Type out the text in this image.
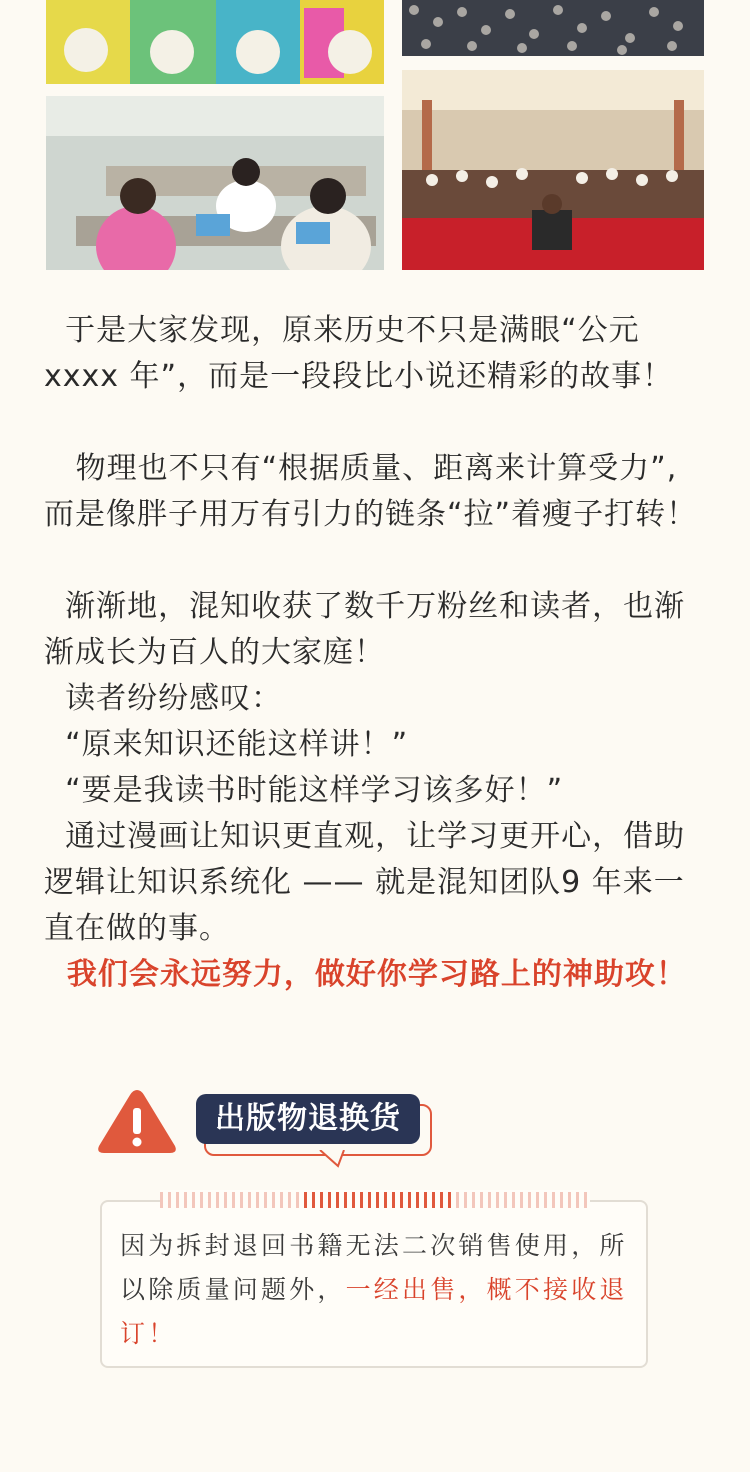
于是大家发现，原来历史不只是满眼“公元 xxxx 年”，而是一段段比小说还精彩的故事！

物理也不只有“根据质量、距离来计算受力”,而是像胖子用万有引力的链条“拉”着瘦子打转！

渐渐地，混知收获了数千万粉丝和读者，也渐渐成长为百人的大家庭！

读者纷纷感叹：

“原来知识还能这样讲！”

“要是我读书时能这样学习该多好！”

通过漫画让知识更直观，让学习更开心，借助逻辑让知识系统化 —— 就是混知团队9 年来一直在做的事。

我们会永远努力，做好你学习路上的神助攻！

出版物退换货

因为拆封退回书籍无法二次销售使用，所以除质量问题外，一经出售，概不接收退订！
